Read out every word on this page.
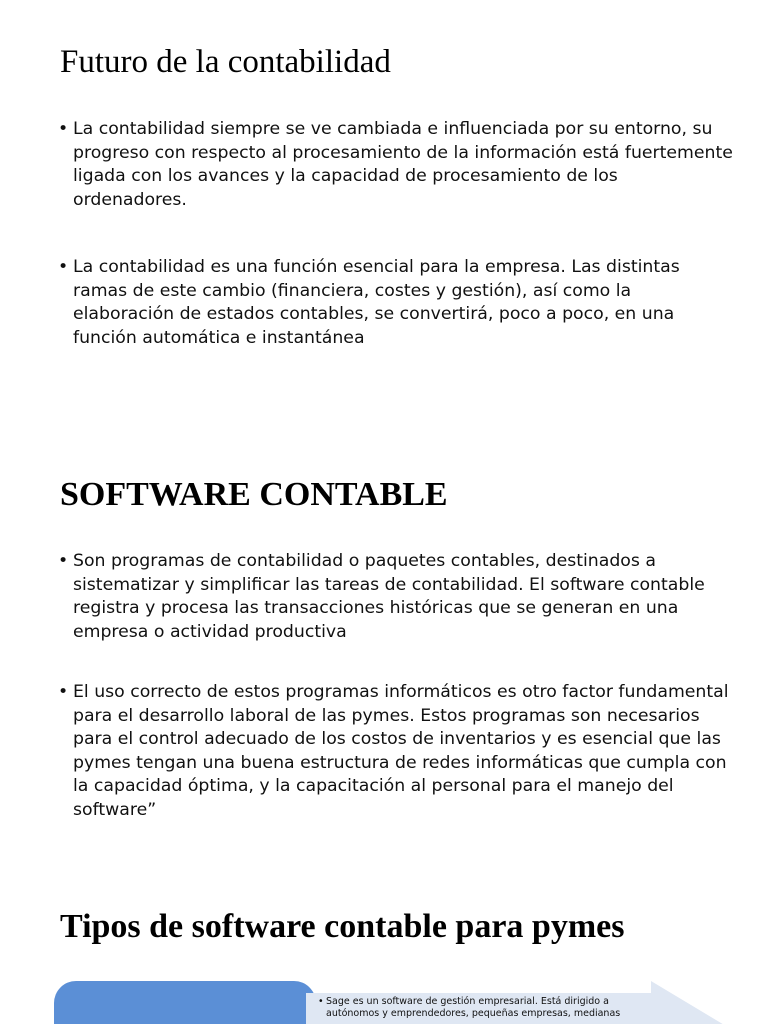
Futuro de la contabilidad
• La contabilidad siempre se ve cambiada e influenciada por su entorno, su progreso con respecto al procesamiento de la información está fuertemente ligada con los avances y la capacidad de procesamiento de los ordenadores.
• La contabilidad es una función esencial para la empresa. Las distintas ramas de este cambio (financiera, costes y gestión), así como la elaboración de estados contables, se convertirá, poco a poco, en una función automática e instantánea
SOFTWARE CONTABLE
• Son programas de contabilidad o paquetes contables, destinados a sistematizar y simplificar las tareas de contabilidad. El software contable registra y procesa las transacciones históricas que se generan en una empresa o actividad productiva
• El uso correcto de estos programas informáticos es otro factor fundamental para el desarrollo laboral de las pymes. Estos programas son necesarios para el control adecuado de los costos de inventarios y es esencial que las pymes tengan una buena estructura de redes informáticas que cumpla con la capacidad óptima, y la capacitación al personal para el manejo del software”
Tipos de software contable para pymes
• Sage es un software de gestión empresarial. Está dirigido a autónomos y emprendedores, pequeñas empresas, medianas
